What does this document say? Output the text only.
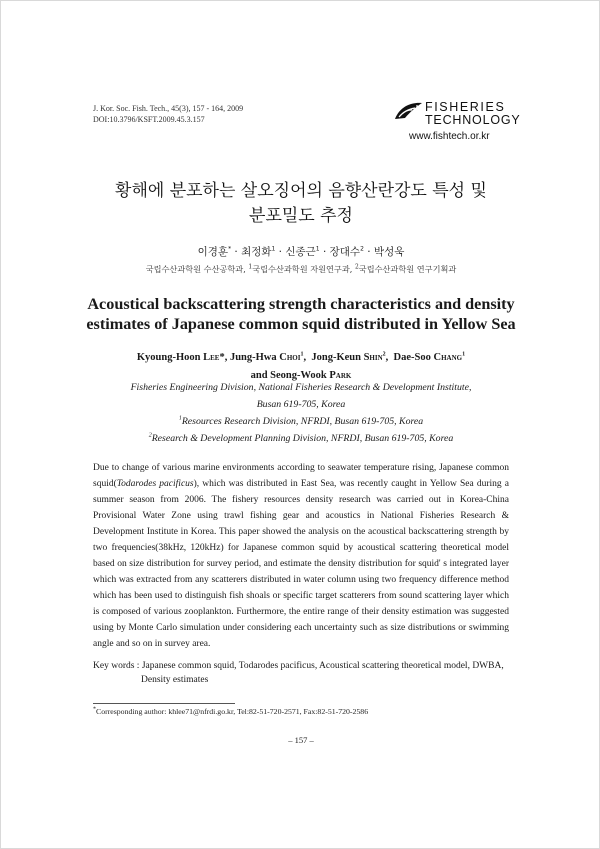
J. Kor. Soc. Fish. Tech., 45(3), 157 - 164, 2009
DOI:10.3796/KSFT.2009.45.3.157
FISHERIES
TECHNOLOGY
www.fishtech.or.kr
황해에 분포하는 살오징어의 음향산란강도 특성 및
분포밀도 추정
이경훈* · 최정화$^1$ · 신종근$^1$ · 장대수$^2$ · 박성욱
국립수산과학원 수산공학과, $^1$국립수산과학원 자원연구과, $^2$국립수산과학원 연구기획과
Acoustical backscattering strength characteristics and density
estimates of Japanese common squid distributed in Yellow Sea
Kyoung-Hoon Lee*, Jung-Hwa Choi$^1$,  Jong-Keun Shin$^2$,  Dae-Soo Chang$^1$
and Seong-Wook Park
Fisheries Engineering Division, National Fisheries Research & Development Institute,
Busan 619-705, Korea
$^1$Resources Research Division, NFRDI, Busan 619-705, Korea
$^2$Research & Development Planning Division, NFRDI, Busan 619-705, Korea

Due to change of various marine environments according to seawater temperature rising, Japanese common squid(Todarodes pacificus), which was distributed in East Sea, was recently caught in Yellow Sea during a summer season from 2006. The fishery resources density research was carried out in Korea-China Provisional Water Zone using trawl fishing gear and acoustics in National Fisheries Research & Development Institute in Korea. This paper showed the analysis on the acoustical backscattering strength by two frequencies(38kHz, 120kHz) for Japanese common squid by acoustical scattering theoretical model based on size distribution for survey period, and estimate the density distribution for squid' s integrated layer which was extracted from any scatterers distributed in water column using two frequency difference method which has been used to distinguish fish shoals or specific target scatterers from sound scattering layer which is composed of various zooplankton. Furthermore, the entire range of their density estimation was suggested using by Monte Carlo simulation under considering each uncertainty such as size distributions or swimming angle and so on in survey area.

Key words : Japanese common squid, Todarodes pacificus, Acoustical scattering theoretical model, DWBA,
Density estimates
*Corresponding author: khlee71@nfrdi.go.kr, Tel:82-51-720-2571, Fax:82-51-720-2586
– 157 –
